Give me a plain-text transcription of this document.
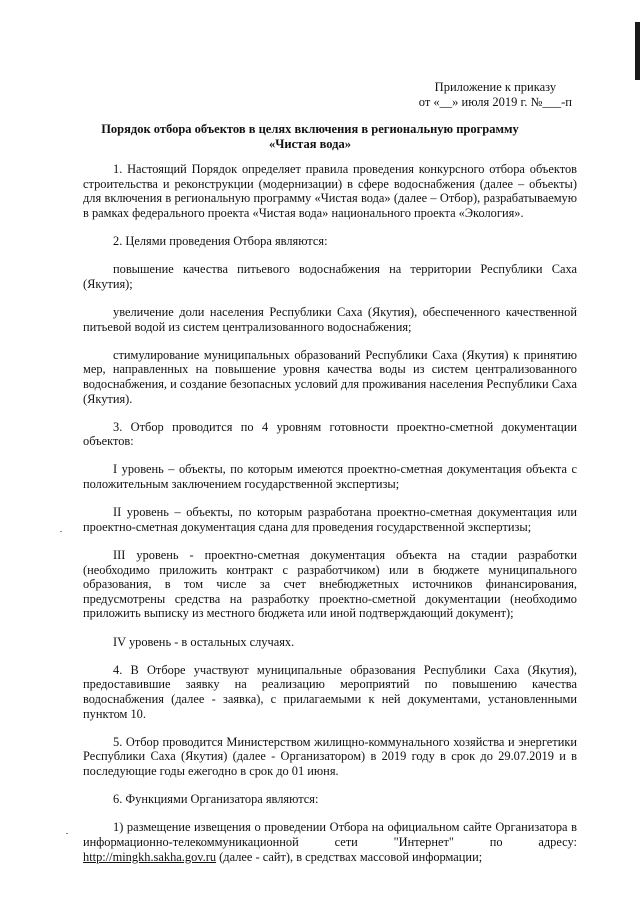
Приложение к приказу
от «__» июля 2019 г. №___-п
Порядок отбора объектов в целях включения в региональную программу
«Чистая вода»

1. Настоящий Порядок определяет правила проведения конкурсного отбора объектов строительства и реконструкции (модернизации) в сфере водоснабжения (далее – объекты) для включения в региональную программу «Чистая вода» (далее – Отбор), разрабатываемую в рамках федерального проекта «Чистая вода» национального проекта «Экология».

2. Целями проведения Отбора являются:

повышение качества питьевого водоснабжения на территории Республики Саха (Якутия);

увеличение доли населения Республики Саха (Якутия), обеспеченного качественной питьевой водой из систем централизованного водоснабжения;

стимулирование муниципальных образований Республики Саха (Якутия) к принятию мер, направленных на повышение уровня качества воды из систем централизованного водоснабжения, и создание безопасных условий для проживания населения Республики Саха (Якутия).

3. Отбор проводится по 4 уровням готовности проектно-сметной документации объектов:

I уровень – объекты, по которым имеются проектно-сметная документация объекта с положительным заключением государственной экспертизы;

II уровень – объекты, по которым разработана проектно-сметная документация или проектно-сметная документация сдана для проведения государственной экспертизы;

III уровень - проектно-сметная документация объекта на стадии разработки (необходимо приложить контракт с разработчиком) или в бюджете муниципального образования, в том числе за счет внебюджетных источников финансирования, предусмотрены средства на разработку проектно-сметной документации (необходимо приложить выписку из местного бюджета или иной подтверждающий документ);

IV уровень - в остальных случаях.

4. В Отборе участвуют муниципальные образования Республики Саха (Якутия), предоставившие заявку на реализацию мероприятий по повышению качества водоснабжения (далее - заявка), с прилагаемыми к ней документами, установленными пунктом 10.

5. Отбор проводится Министерством жилищно-коммунального хозяйства и энергетики Республики Саха (Якутия) (далее - Организатором) в 2019 году в срок до 29.07.2019 и в последующие годы ежегодно в срок до 01 июня.

6. Функциями Организатора являются:

1) размещение извещения о проведении Отбора на официальном сайте Организатора в информационно-телекоммуникационной сети "Интернет" по адресу: http://mingkh.sakha.gov.ru (далее - сайт), в средствах массовой информации;
